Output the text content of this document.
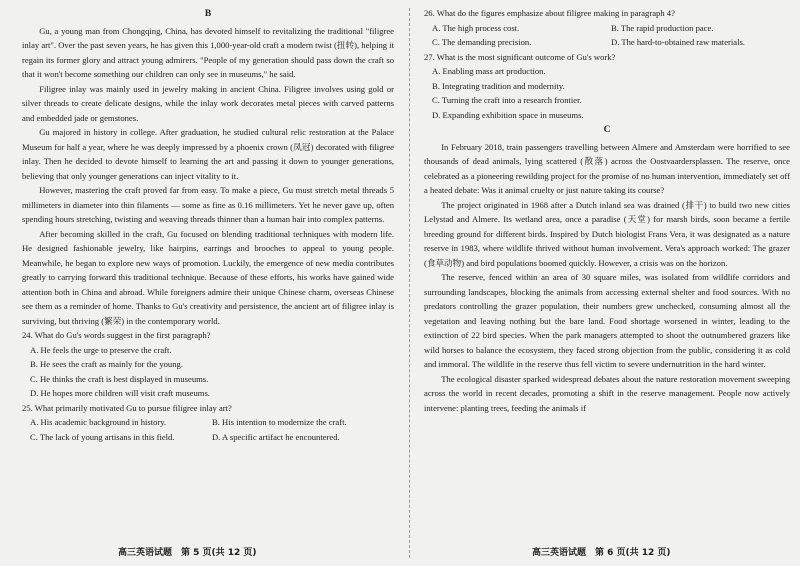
B

Gu, a young man from Chongqing, China, has devoted himself to revitalizing the traditional "filigree inlay art". Over the past seven years, he has given this 1,000-year-old craft a modern twist (扭转), helping it regain its former glory and attract young admirers. "People of my generation should pass down the craft so that it won't become something our children can only see in museums," he said.

Filigree inlay was mainly used in jewelry making in ancient China. Filigree involves using gold or silver threads to create delicate designs, while the inlay work decorates metal pieces with carved patterns and embedded jade or gemstones.

Gu majored in history in college. After graduation, he studied cultural relic restoration at the Palace Museum for half a year, where he was deeply impressed by a phoenix crown (凤冠) decorated with filigree inlay. Then he decided to devote himself to learning the art and passing it down to younger generations, believing that only younger generations can inject vitality to it.

However, mastering the craft proved far from easy. To make a piece, Gu must stretch metal threads 5 millimeters in diameter into thin filaments — some as fine as 0.16 millimeters. Yet he never gave up, often spending hours stretching, twisting and weaving threads thinner than a human hair into complex patterns.

After becoming skilled in the craft, Gu focused on blending traditional techniques with modern life. He designed fashionable jewelry, like hairpins, earrings and brooches to appeal to young people. Meanwhile, he began to explore new ways of promotion. Luckily, the emergence of new media contributes greatly to carrying forward this traditional technique. Because of these efforts, his works have gained wide attention both in China and abroad. While foreigners admire their unique Chinese charm, overseas Chinese see them as a reminder of home. Thanks to Gu's creativity and persistence, the ancient art of filigree inlay is surviving, but thriving (繁荣) in the contemporary world.

24. What do Gu's words suggest in the first paragraph?

A. He feels the urge to preserve the craft.

B. He sees the craft as mainly for the young.

C. He thinks the craft is best displayed in museums.

D. He hopes more children will visit craft museums.

25. What primarily motivated Gu to pursue filigree inlay art?

A. His academic background in history.	B. His intention to modernize the craft.
C. The lack of young artisans in this field.	D. A specific artifact he encountered.

26. What do the figures emphasize about filigree making in paragraph 4?

A. The high process cost.	B. The rapid production pace.
C. The demanding precision.	D. The hard-to-obtained raw materials.

27. What is the most significant outcome of Gu's work?

A. Enabling mass art production.

B. Integrating tradition and modernity.

C. Turning the craft into a research frontier.

D. Expanding exhibition space in museums.

C

In February 2018, train passengers travelling between Almere and Amsterdam were horrified to see thousands of dead animals, lying scattered (散落) across the Oostvaardersplassen. The reserve, once celebrated as a pioneering rewilding project for the promise of no human intervention, immediately set off a heated debate: Was it animal cruelty or just nature taking its course?

The project originated in 1968 after a Dutch inland sea was drained (排干) to build two new cities Lelystad and Almere. Its wetland area, once a paradise (天堂) for marsh birds, soon became a fertile breeding ground for different birds. Inspired by Dutch biologist Frans Vera, it was designated as a nature reserve in 1983, where wildlife thrived without human involvement. Vera's approach worked: The grazer (食草动物) and bird populations boomed quickly. However, a crisis was on the horizon.

The reserve, fenced within an area of 30 square miles, was isolated from wildlife corridors and surrounding landscapes, blocking the animals from accessing external shelter and food sources. With no predators controlling the grazer population, their numbers grew unchecked, consuming almost all the vegetation and leaving nothing but the bare land. Food shortage worsened in winter, leading to the extinction of 22 bird species. When the park managers attempted to shoot the outnumbered grazers like wild horses to balance the ecosystem, they faced strong objection from the public, considering it as cold and immoral. The wildlife in the reserve thus fell victim to severe undernutrition in the hard winter.

The ecological disaster sparked widespread debates about the nature restoration movement sweeping across the world in recent decades, promoting a shift in the reserve management. People now actively intervene: planting trees, feeding the animals if

高三英语试题　第 5 页(共 12 页)	高三英语试题　第 6 页(共 12 页)
